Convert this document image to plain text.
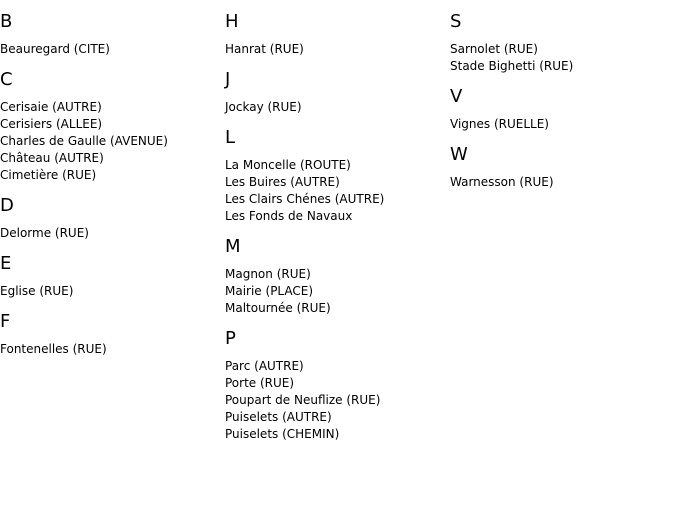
B
Beauregard (CITE)
C
Cerisaie (AUTRE)
Cerisiers (ALLEE)
Charles de Gaulle (AVENUE)
Château (AUTRE)
Cimetière (RUE)
D
Delorme (RUE)
E
Eglise (RUE)
F
Fontenelles (RUE)
H
Hanrat (RUE)
J
Jockay (RUE)
L
La Moncelle (ROUTE)
Les Buires (AUTRE)
Les Clairs Chénes (AUTRE)
Les Fonds de Navaux
M
Magnon (RUE)
Mairie (PLACE)
Maltournée (RUE)
P
Parc (AUTRE)
Porte (RUE)
Poupart de Neuflize (RUE)
Puiselets (AUTRE)
Puiselets (CHEMIN)
S
Sarnolet (RUE)
Stade Bighetti (RUE)
V
Vignes (RUELLE)
W
Warnesson (RUE)
